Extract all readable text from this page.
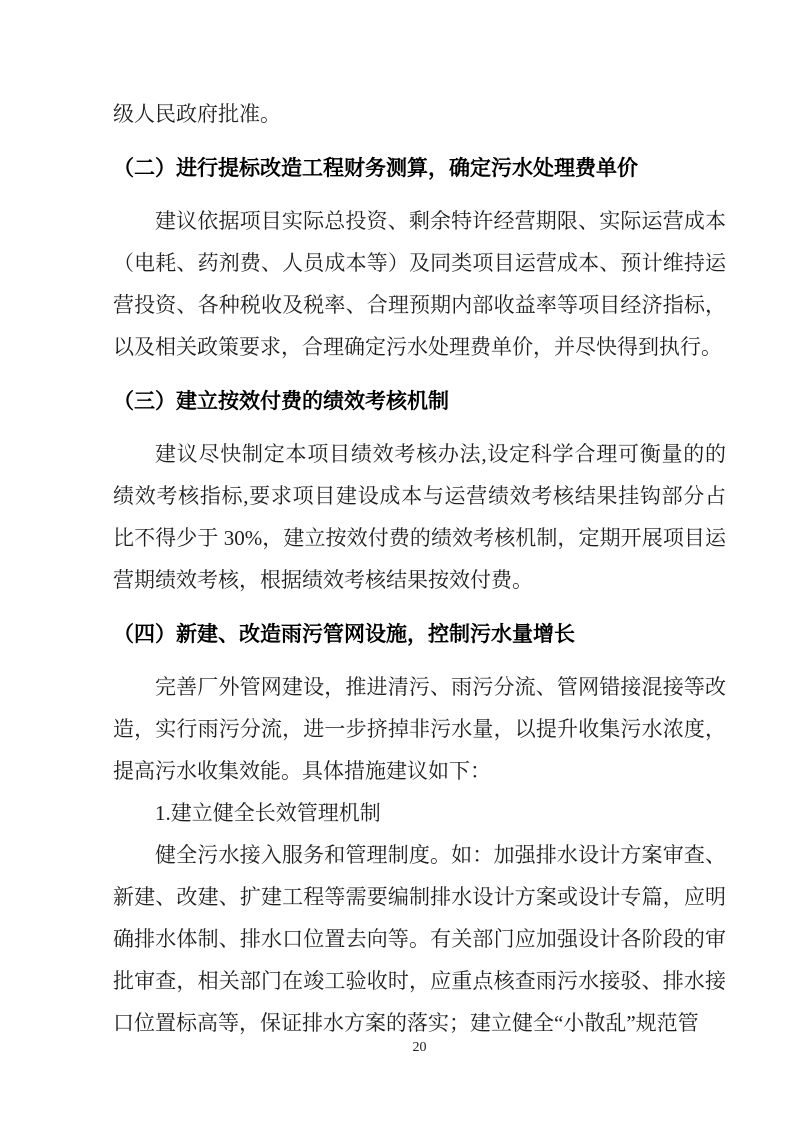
级人民政府批准。

（二）进行提标改造工程财务测算，确定污水处理费单价

建议依据项目实际总投资、剩余特许经营期限、实际运营成本（电耗、药剂费、人员成本等）及同类项目运营成本、预计维持运营投资、各种税收及税率、合理预期内部收益率等项目经济指标，以及相关政策要求，合理确定污水处理费单价，并尽快得到执行。

（三）建立按效付费的绩效考核机制

建议尽快制定本项目绩效考核办法,设定科学合理可衡量的的绩效考核指标,要求项目建设成本与运营绩效考核结果挂钩部分占比不得少于 30%，建立按效付费的绩效考核机制，定期开展项目运营期绩效考核，根据绩效考核结果按效付费。

（四）新建、改造雨污管网设施，控制污水量增长

完善厂外管网建设，推进清污、雨污分流、管网错接混接等改造，实行雨污分流，进一步挤掉非污水量，以提升收集污水浓度，提高污水收集效能。具体措施建议如下：

1.建立健全长效管理机制

健全污水接入服务和管理制度。如：加强排水设计方案审查、新建、改建、扩建工程等需要编制排水设计方案或设计专篇，应明确排水体制、排水口位置去向等。有关部门应加强设计各阶段的审批审查，相关部门在竣工验收时，应重点核查雨污水接驳、排水接口位置标高等，保证排水方案的落实；建立健全“小散乱”规范管

20
